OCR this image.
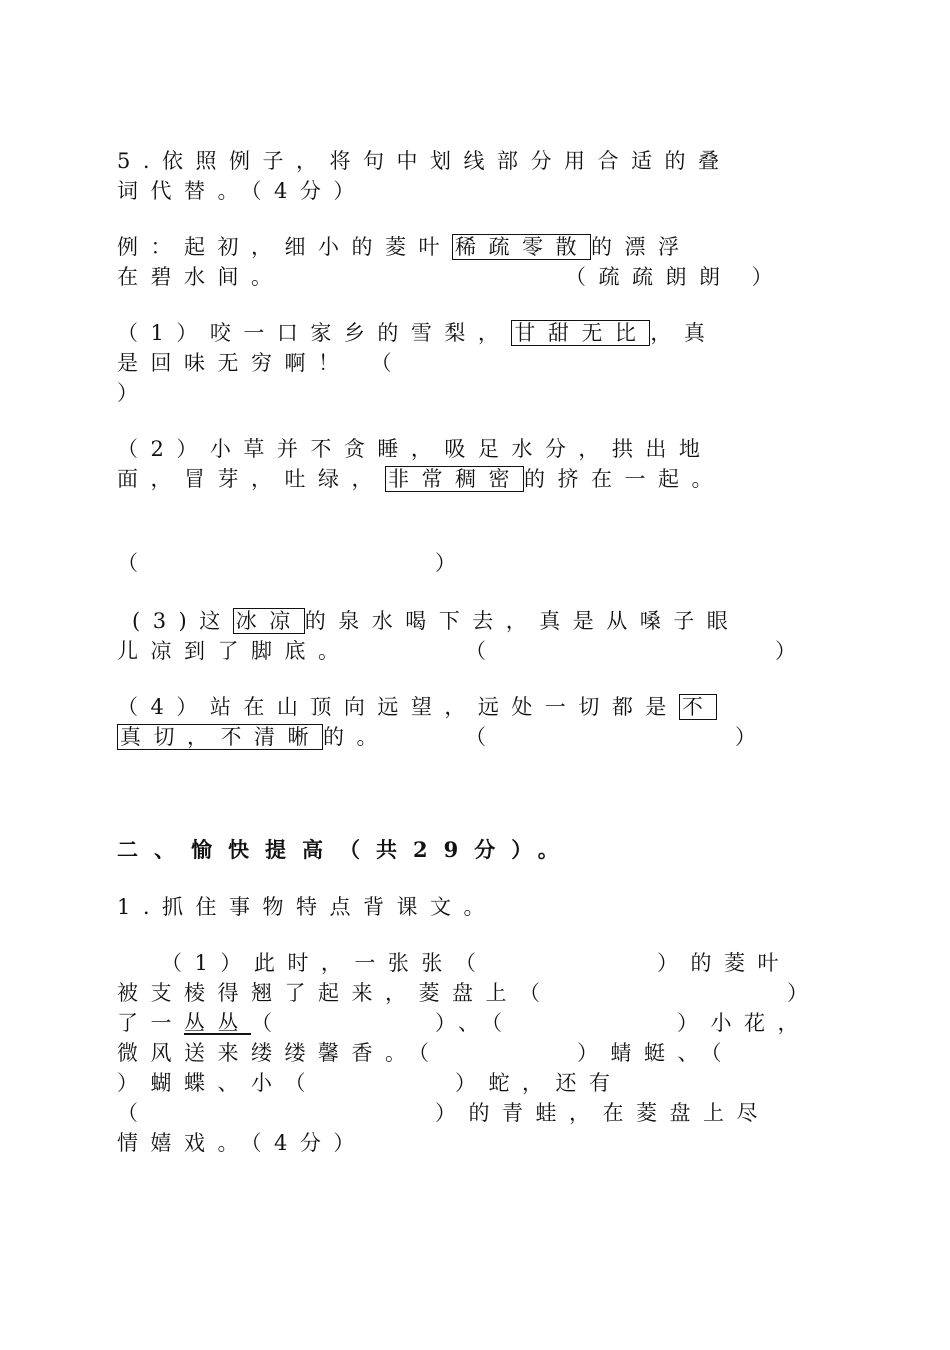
5.依照例子，将句中划线部分用合适的叠
词代替。（4分）
例：起初，细小的菱叶 稀疏零散的漂浮
在碧水间。	（疏疏朗朗 ）
（1）咬一口家乡的雪梨， 甘甜无比，真
是回味无穷啊！ （
）
（2）小草并不贪睡，吸足水分，拱出地
面，冒芽，吐绿， 非常稠密的挤在一起。
（	）
(3)这 冰凉的泉水喝下去，真是从嗓子眼
儿凉到了脚底。	（	）
（4）站在山顶向远望，远处一切都是 不
真切，不清晰的。	（	）
二、愉快提高（共29分）。
1.抓住事物特点背课文。
（1）此时，一张张（	）的菱叶
被支棱得翘了起来，菱盘上（	）
了一丛丛（	）、（	）小花，
微风送来缕缕馨香。（	）蜻蜓、（
）蝴蝶、小（	）蛇，还有
（	）的青蛙，在菱盘上尽
情嬉戏。（4分）
